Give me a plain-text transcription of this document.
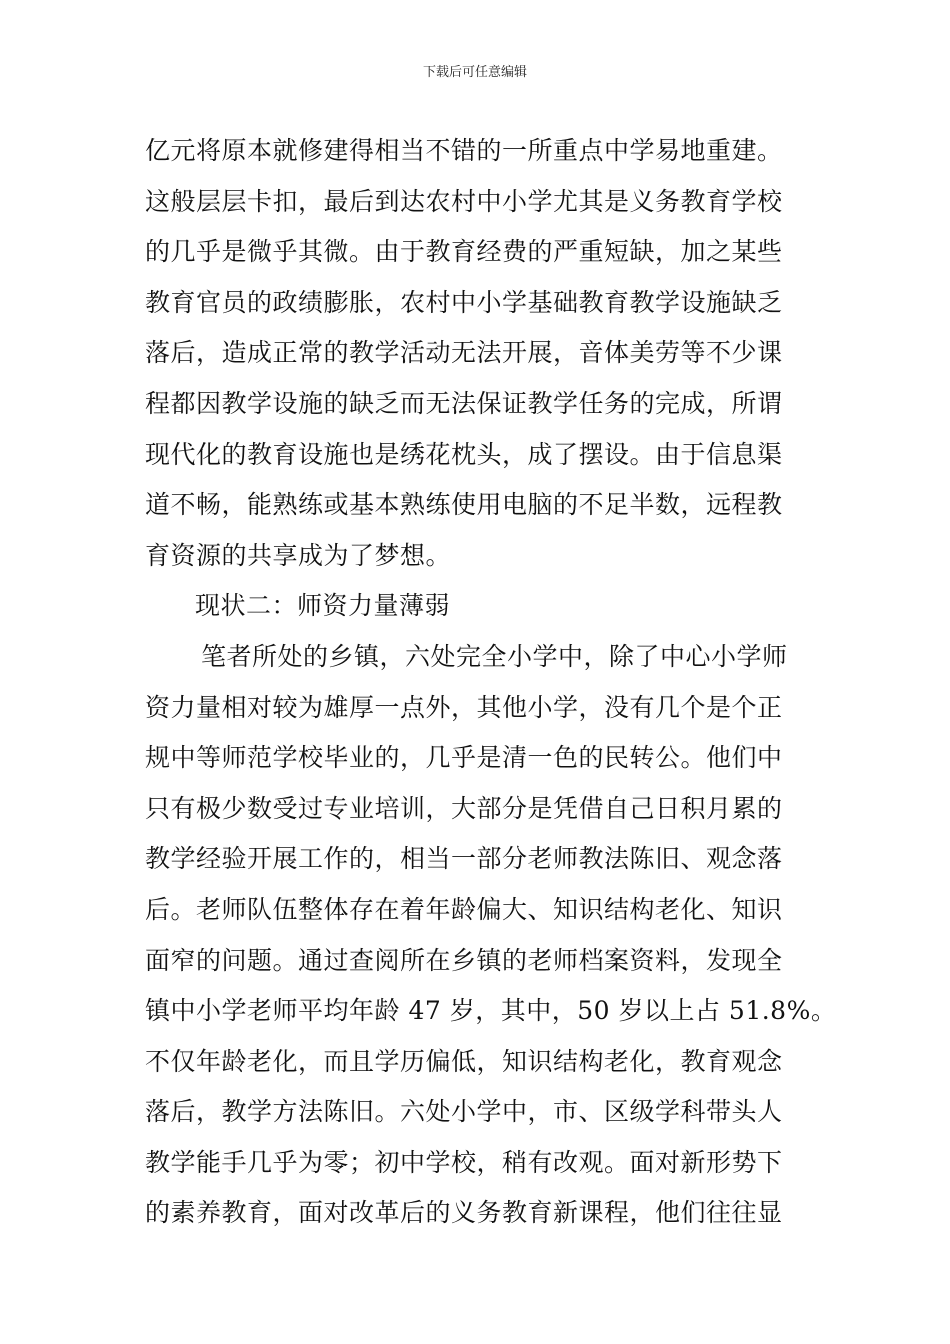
下载后可任意编辑
亿元将原本就修建得相当不错的一所重点中学易地重建。
这般层层卡扣，最后到达农村中小学尤其是义务教育学校
的几乎是微乎其微。由于教育经费的严重短缺，加之某些
教育官员的政绩膨胀，农村中小学基础教育教学设施缺乏
落后，造成正常的教学活动无法开展，音体美劳等不少课
程都因教学设施的缺乏而无法保证教学任务的完成，所谓
现代化的教育设施也是绣花枕头，成了摆设。由于信息渠
道不畅，能熟练或基本熟练使用电脑的不足半数，远程教
育资源的共享成为了梦想。
现状二：师资力量薄弱
笔者所处的乡镇，六处完全小学中，除了中心小学师
资力量相对较为雄厚一点外，其他小学，没有几个是个正
规中等师范学校毕业的，几乎是清一色的民转公。他们中
只有极少数受过专业培训，大部分是凭借自己日积月累的
教学经验开展工作的，相当一部分老师教法陈旧、观念落
后。老师队伍整体存在着年龄偏大、知识结构老化、知识
面窄的问题。通过查阅所在乡镇的老师档案资料，发现全
镇中小学老师平均年龄 47 岁，其中，50 岁以上占 51.8%。
不仅年龄老化，而且学历偏低，知识结构老化，教育观念
落后，教学方法陈旧。六处小学中，市、区级学科带头人
教学能手几乎为零；初中学校，稍有改观。面对新形势下
的素养教育，面对改革后的义务教育新课程，他们往往显
